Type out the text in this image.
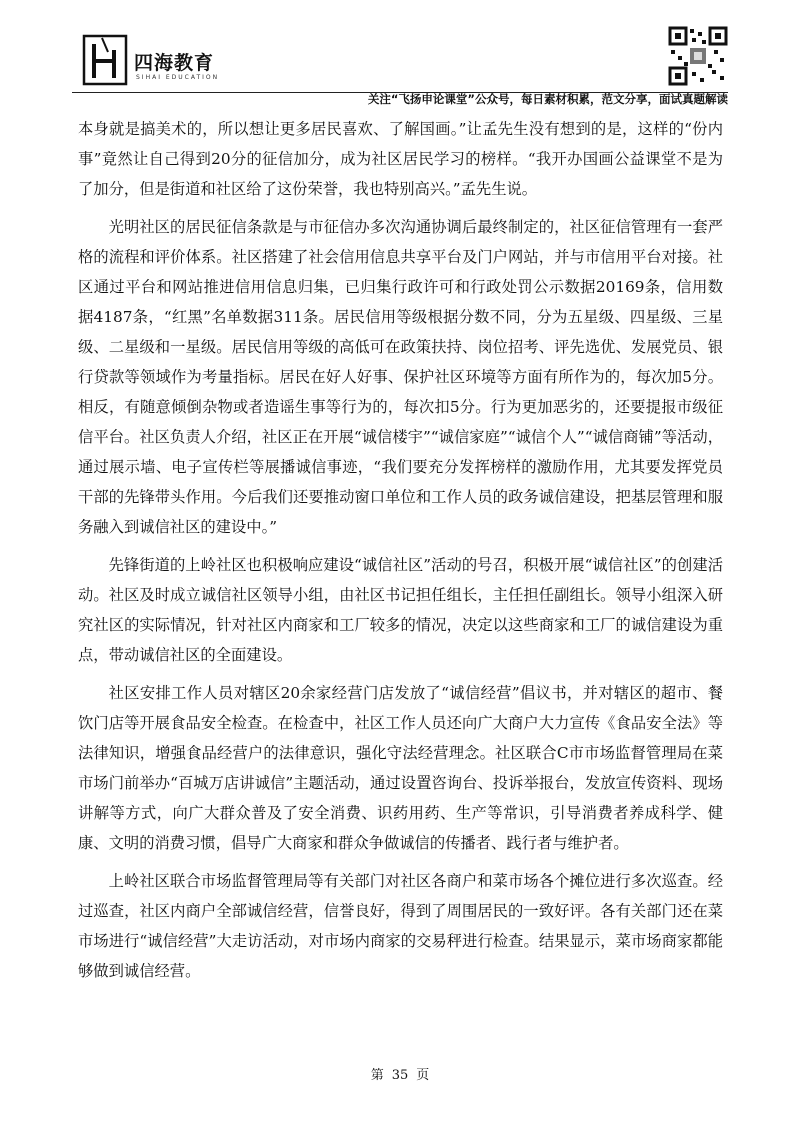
四海教育
SIHAI EDUCATION
关注“飞扬申论课堂”公众号，每日素材积累，范文分享，面试真题解读

本身就是搞美术的，所以想让更多居民喜欢、了解国画。”让孟先生没有想到的是，这样的“份内事”竟然让自己得到20分的征信加分，成为社区居民学习的榜样。“我开办国画公益课堂不是为了加分，但是街道和社区给了这份荣誉，我也特别高兴。”孟先生说。

光明社区的居民征信条款是与市征信办多次沟通协调后最终制定的，社区征信管理有一套严格的流程和评价体系。社区搭建了社会信用信息共享平台及门户网站，并与市信用平台对接。社区通过平台和网站推进信用信息归集，已归集行政许可和行政处罚公示数据20169条，信用数据4187条，“红黑”名单数据311条。居民信用等级根据分数不同，分为五星级、四星级、三星级、二星级和一星级。居民信用等级的高低可在政策扶持、岗位招考、评先选优、发展党员、银行贷款等领域作为考量指标。居民在好人好事、保护社区环境等方面有所作为的，每次加5分。相反，有随意倾倒杂物或者造谣生事等行为的，每次扣5分。行为更加恶劣的，还要提报市级征信平台。社区负责人介绍，社区正在开展“诚信楼宇”“诚信家庭”“诚信个人”“诚信商铺”等活动，通过展示墙、电子宣传栏等展播诚信事迹，“我们要充分发挥榜样的激励作用，尤其要发挥党员干部的先锋带头作用。今后我们还要推动窗口单位和工作人员的政务诚信建设，把基层管理和服务融入到诚信社区的建设中。”

先锋街道的上岭社区也积极响应建设“诚信社区”活动的号召，积极开展“诚信社区”的创建活动。社区及时成立诚信社区领导小组，由社区书记担任组长，主任担任副组长。领导小组深入研究社区的实际情况，针对社区内商家和工厂较多的情况，决定以这些商家和工厂的诚信建设为重点，带动诚信社区的全面建设。

社区安排工作人员对辖区20余家经营门店发放了“诚信经营”倡议书，并对辖区的超市、餐饮门店等开展食品安全检查。在检查中，社区工作人员还向广大商户大力宣传《食品安全法》等法律知识，增强食品经营户的法律意识，强化守法经营理念。社区联合C市市场监督管理局在菜市场门前举办“百城万店讲诚信”主题活动，通过设置咨询台、投诉举报台，发放宣传资料、现场讲解等方式，向广大群众普及了安全消费、识药用药、生产等常识，引导消费者养成科学、健康、文明的消费习惯，倡导广大商家和群众争做诚信的传播者、践行者与维护者。

上岭社区联合市场监督管理局等有关部门对社区各商户和菜市场各个摊位进行多次巡查。经过巡查，社区内商户全部诚信经营，信誉良好，得到了周围居民的一致好评。各有关部门还在菜市场进行“诚信经营”大走访活动，对市场内商家的交易秤进行检查。结果显示，菜市场商家都能够做到诚信经营。

第 35 页
